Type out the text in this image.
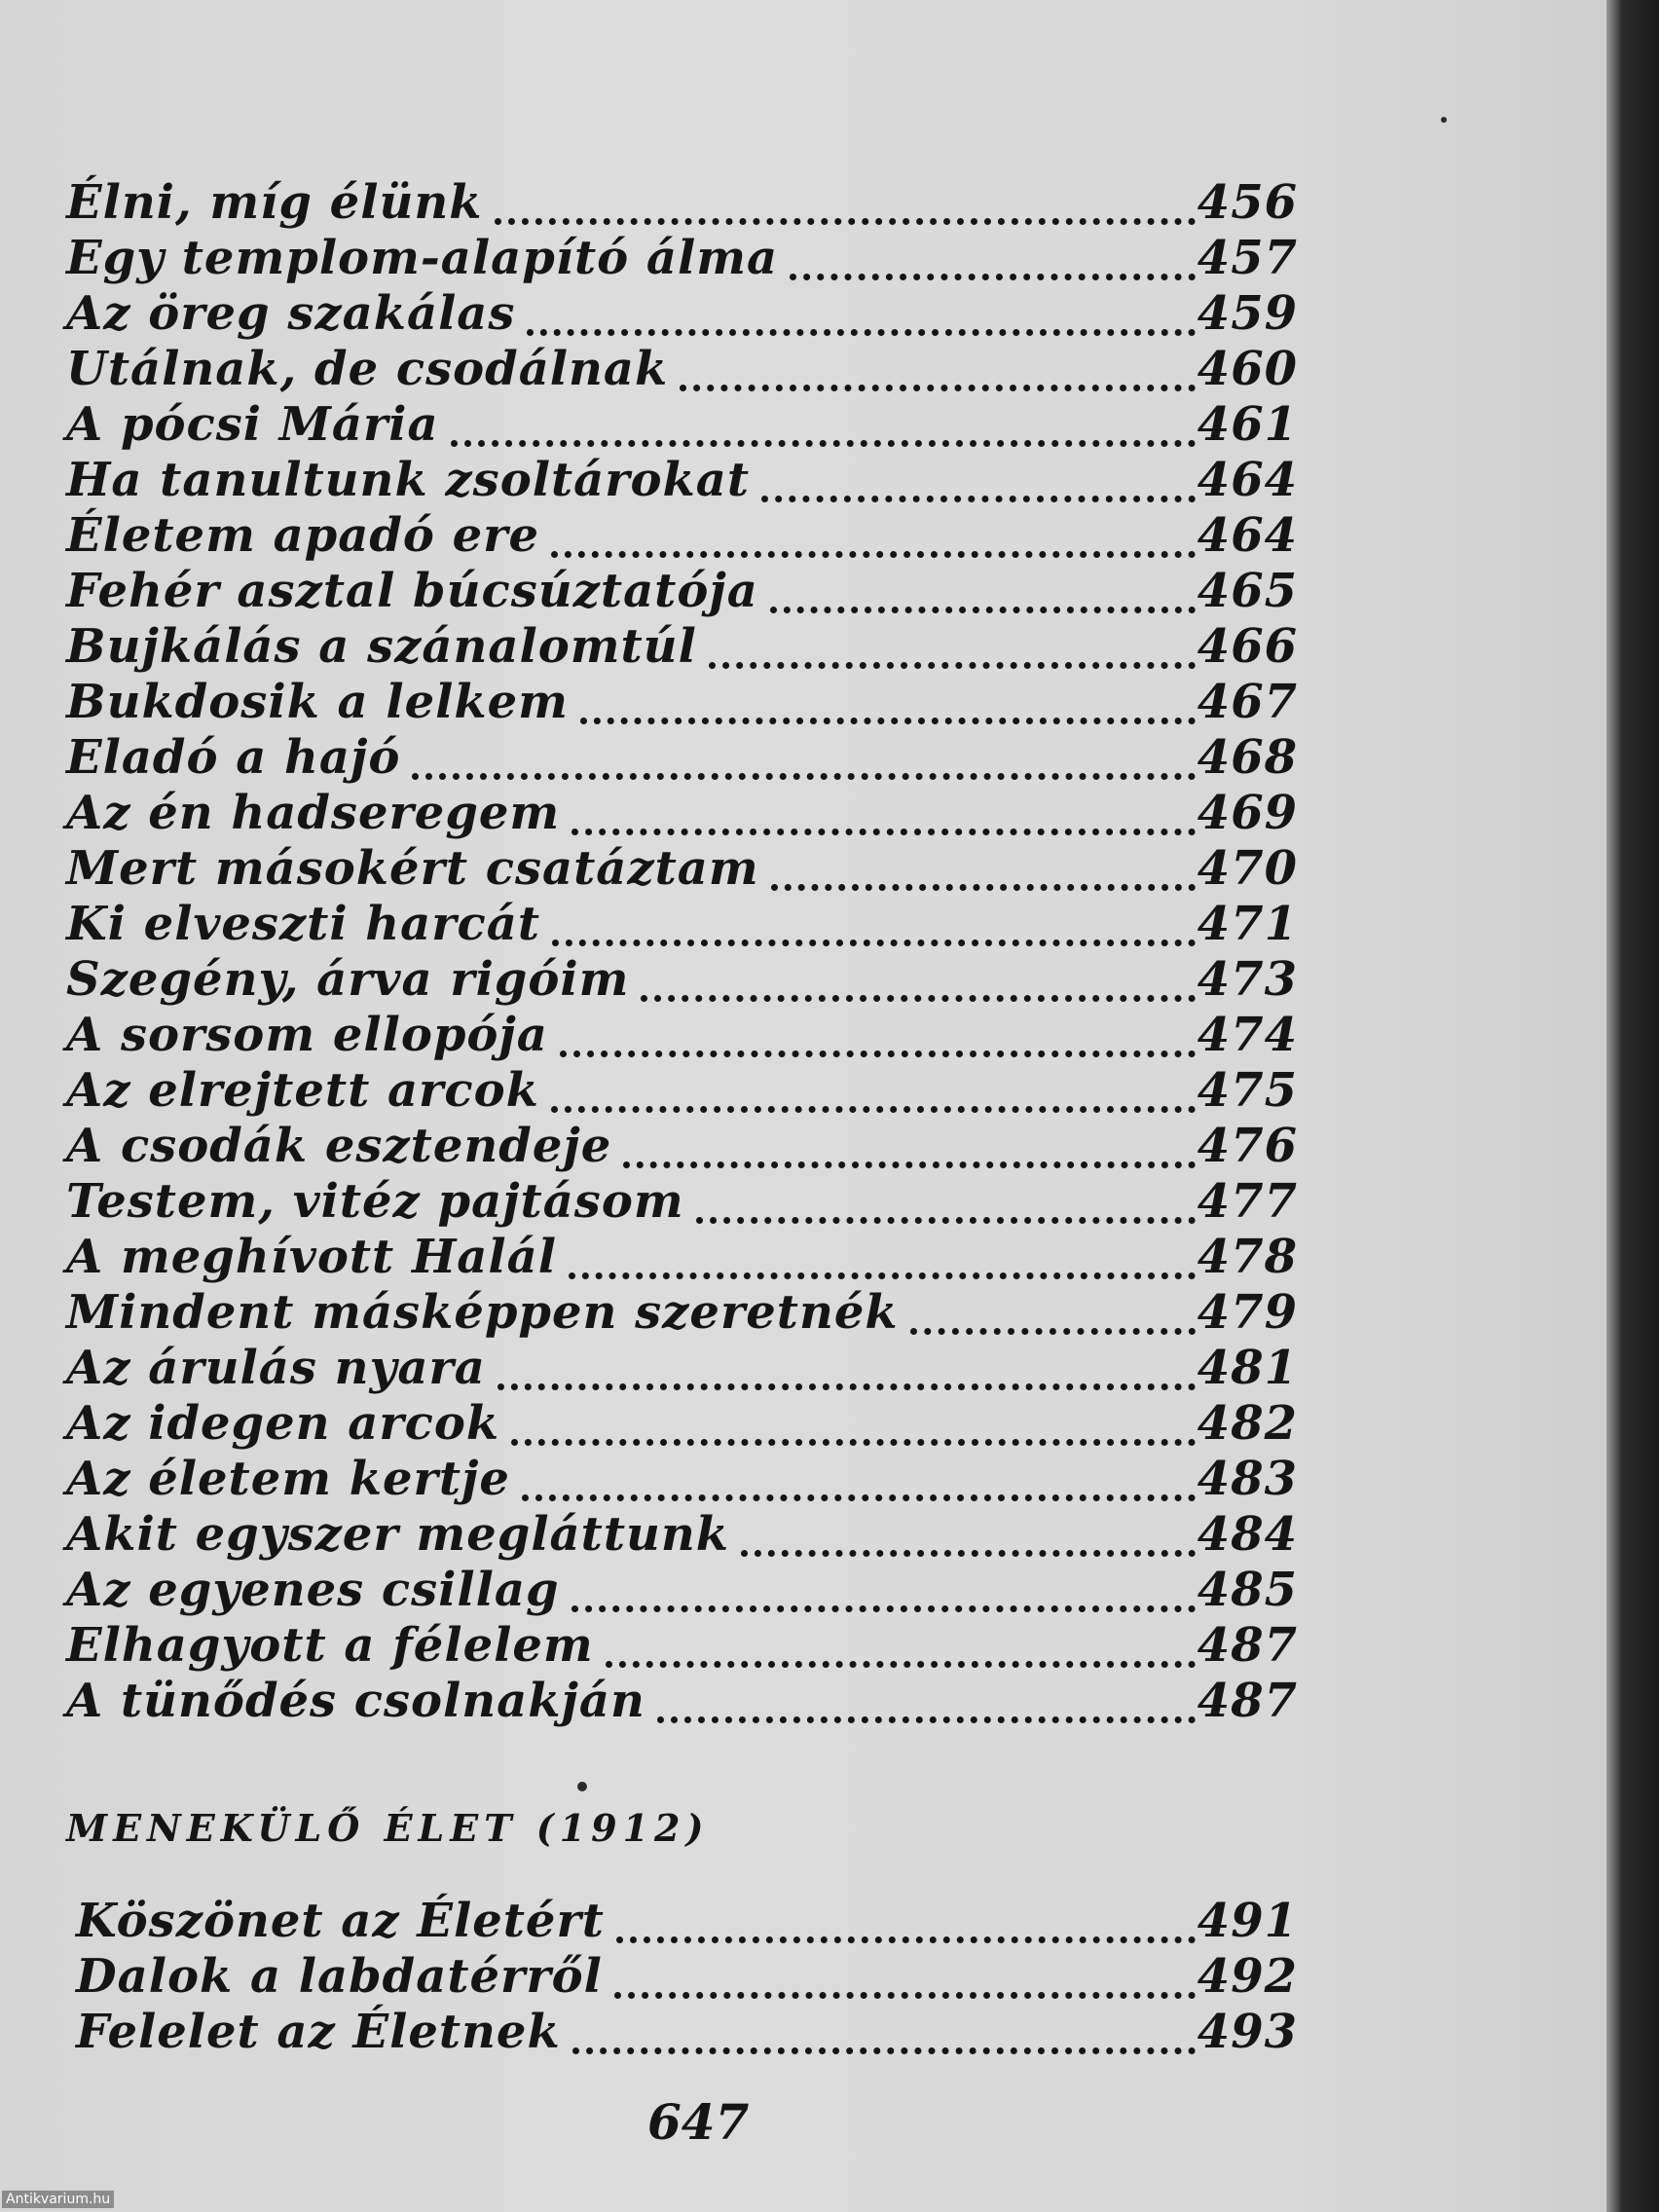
Élni, míg élünk	456
Egy templom-alapító álma	457
Az öreg szakálas	459
Utálnak, de csodálnak	460
A pócsi Mária	461
Ha tanultunk zsoltárokat	464
Életem apadó ere	464
Fehér asztal búcsúztatója	465
Bujkálás a szánalomtúl	466
Bukdosik a lelkem	467
Eladó a hajó	468
Az én hadseregem	469
Mert másokért csatáztam	470
Ki elveszti harcát	471
Szegény, árva rigóim	473
A sorsom ellopója	474
Az elrejtett arcok	475
A csodák esztendeje	476
Testem, vitéz pajtásom	477
A meghívott Halál	478
Mindent másképpen szeretnék	479
Az árulás nyara	481
Az idegen arcok	482
Az életem kertje	483
Akit egyszer megláttunk	484
Az egyenes csillag	485
Elhagyott a félelem	487
A tünődés csolnakján	487
MENEKÜLŐ ÉLET (1912)
Köszönet az Életért	491
Dalok a labdatérről	492
Felelet az Életnek	493
647
Antikvarium.hu
